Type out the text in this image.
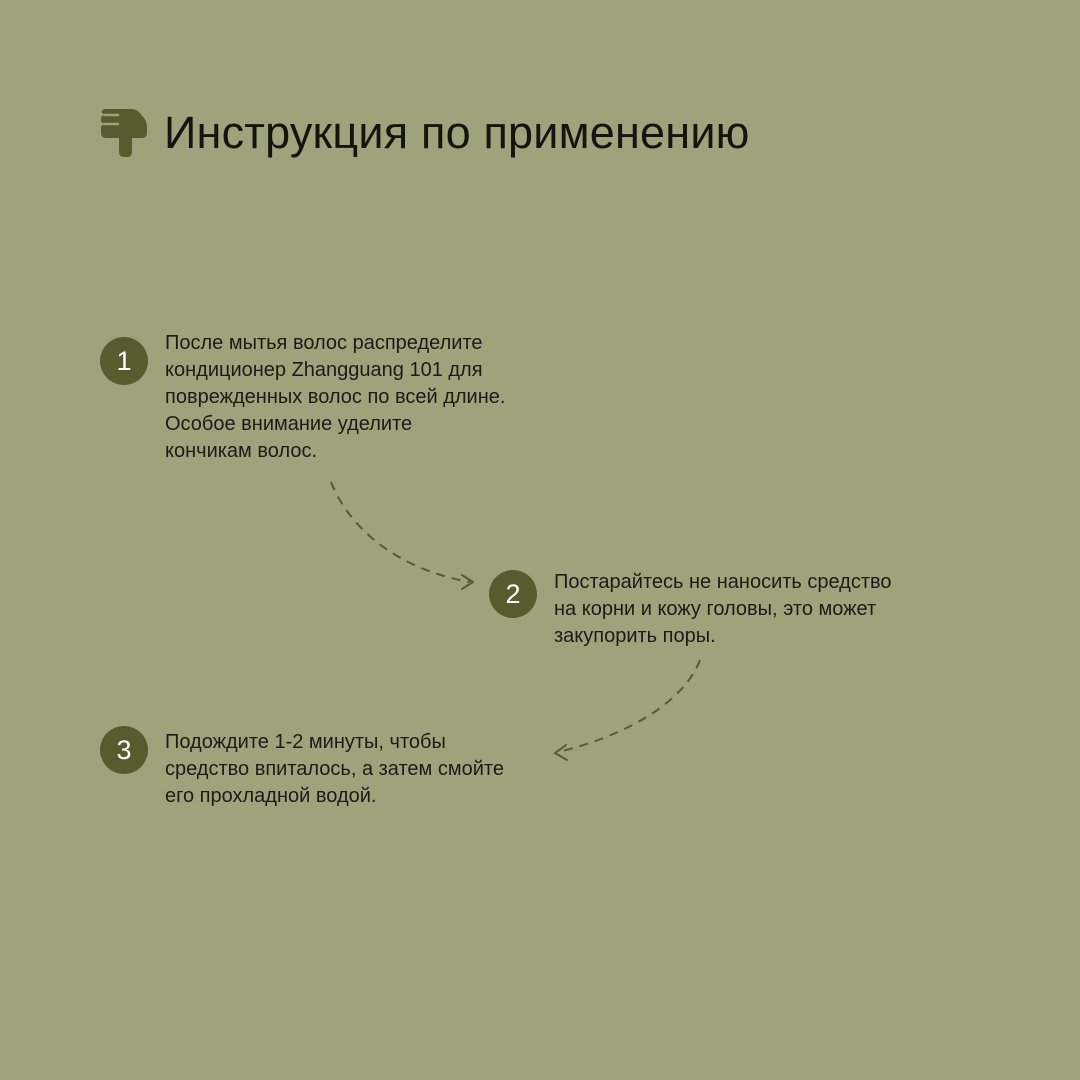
Инструкция по применению
1

После мытья волос распределите
кондиционер Zhangguang 101 для
поврежденных волос по всей длине.
Особое внимание уделите
кончикам волос.

2	Постарайтесь не наносить средство
на корни и кожу головы, это может
закупорить поры.

3	Подождите 1-2 минуты, чтобы
средство впиталось, а затем смойте
его прохладной водой.
